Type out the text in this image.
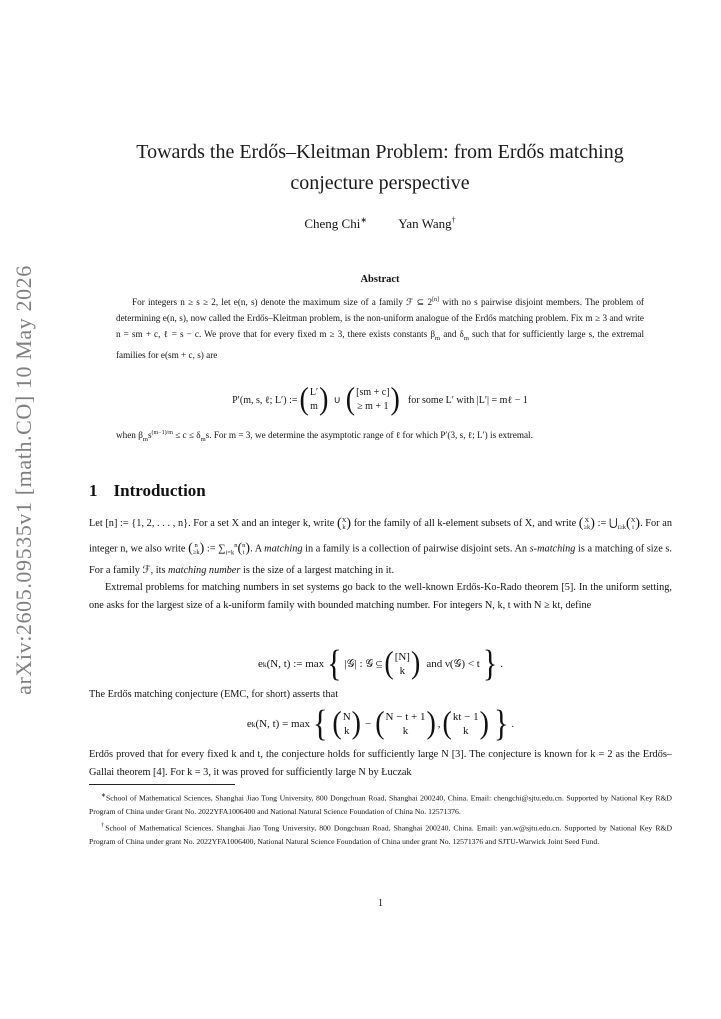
arXiv:2605.09535v1 [math.CO] 10 May 2026
Towards the Erdős–Kleitman Problem: from Erdős matching
conjecture perspective
Cheng Chi∗ Yan Wang†
Abstract

For integers n ≥ s ≥ 2, let e(n, s) denote the maximum size of a family ℱ ⊆ 2[n] with no s pairwise disjoint members. The problem of determining e(n, s), now called the Erdős–Kleitman problem, is the non-uniform analogue of the Erdős matching problem. Fix m ≥ 3 and write n = sm + c, ℓ = s − c. We prove that for every fixed m ≥ 3, there exists constants $\beta_m$ and $\delta_m$ such that for sufficiently large s, the extremal families for e(sm + c, s) are

P′(m, s, ℓ; L′) := ( L′
m ) ∪ ( [sm + c]
≥ m + 1 ) for some L′ with |L′| = mℓ − 1
when $\beta_ms^{(m-1)/m} \le c \le \delta_ms$. For m = 3, we determine the asymptotic range of ℓ for which P′(3, s, ℓ; L′) is extremal.
1 Introduction

Let [n] := {1, 2, . . . , n}. For a set X and an integer k, write ( X
k ) for the family of all k-element subsets of X, and write ( X
≥k ) := $⋃_{i\ge k}$ ( X
i ) . For an integer n, we also write ( n
≥k ) := $\sum_{i=k}^n$ ( n
i ) . A matching in a family is a collection of pairwise disjoint sets. An s-matching is a matching of size s. For a family ℱ, its matching number is the size of a largest matching in it.

Extremal problems for matching numbers in set systems go back to the well-known Erdős-Ko-Rado theorem [5]. In the uniform setting, one asks for the largest size of a k-uniform family with bounded matching number. For integers N, k, t with N ≥ kt, define

e k (N, t) := max { |𝒢| : 𝒢 ⊆ ( [N]
k ) and ν(𝒢) < t } .

The Erdős matching conjecture (EMC, for short) asserts that

e k (N, t) = max { ( N
k ) − ( N − t + 1
k ) , ( kt − 1
k ) } .

Erdős proved that for every fixed k and t, the conjecture holds for sufficiently large N [3]. The conjecture is known for k = 2 as the Erdős–Gallai theorem [4]. For k = 3, it was proved for sufficiently large N by Łuczak

∗School of Mathematical Sciences, Shanghai Jiao Tong University, 800 Dongchuan Road, Shanghai 200240, China. Email: chengchi@sjtu.edu.cn. Supported by National Key R&D Program of China under Grant No. 2022YFA1006400 and National Natural Science Foundation of China No. 12571376.

†School of Mathematical Sciences, Shanghai Jiao Tong University, 800 Dongchuan Road, Shanghai 200240, China. Email: yan.w@sjtu.edu.cn. Supported by National Key R&D Program of China under grant No. 2022YFA1006400, National Natural Science Foundation of China under grant No. 12571376 and SJTU-Warwick Joint Seed Fund.

1
